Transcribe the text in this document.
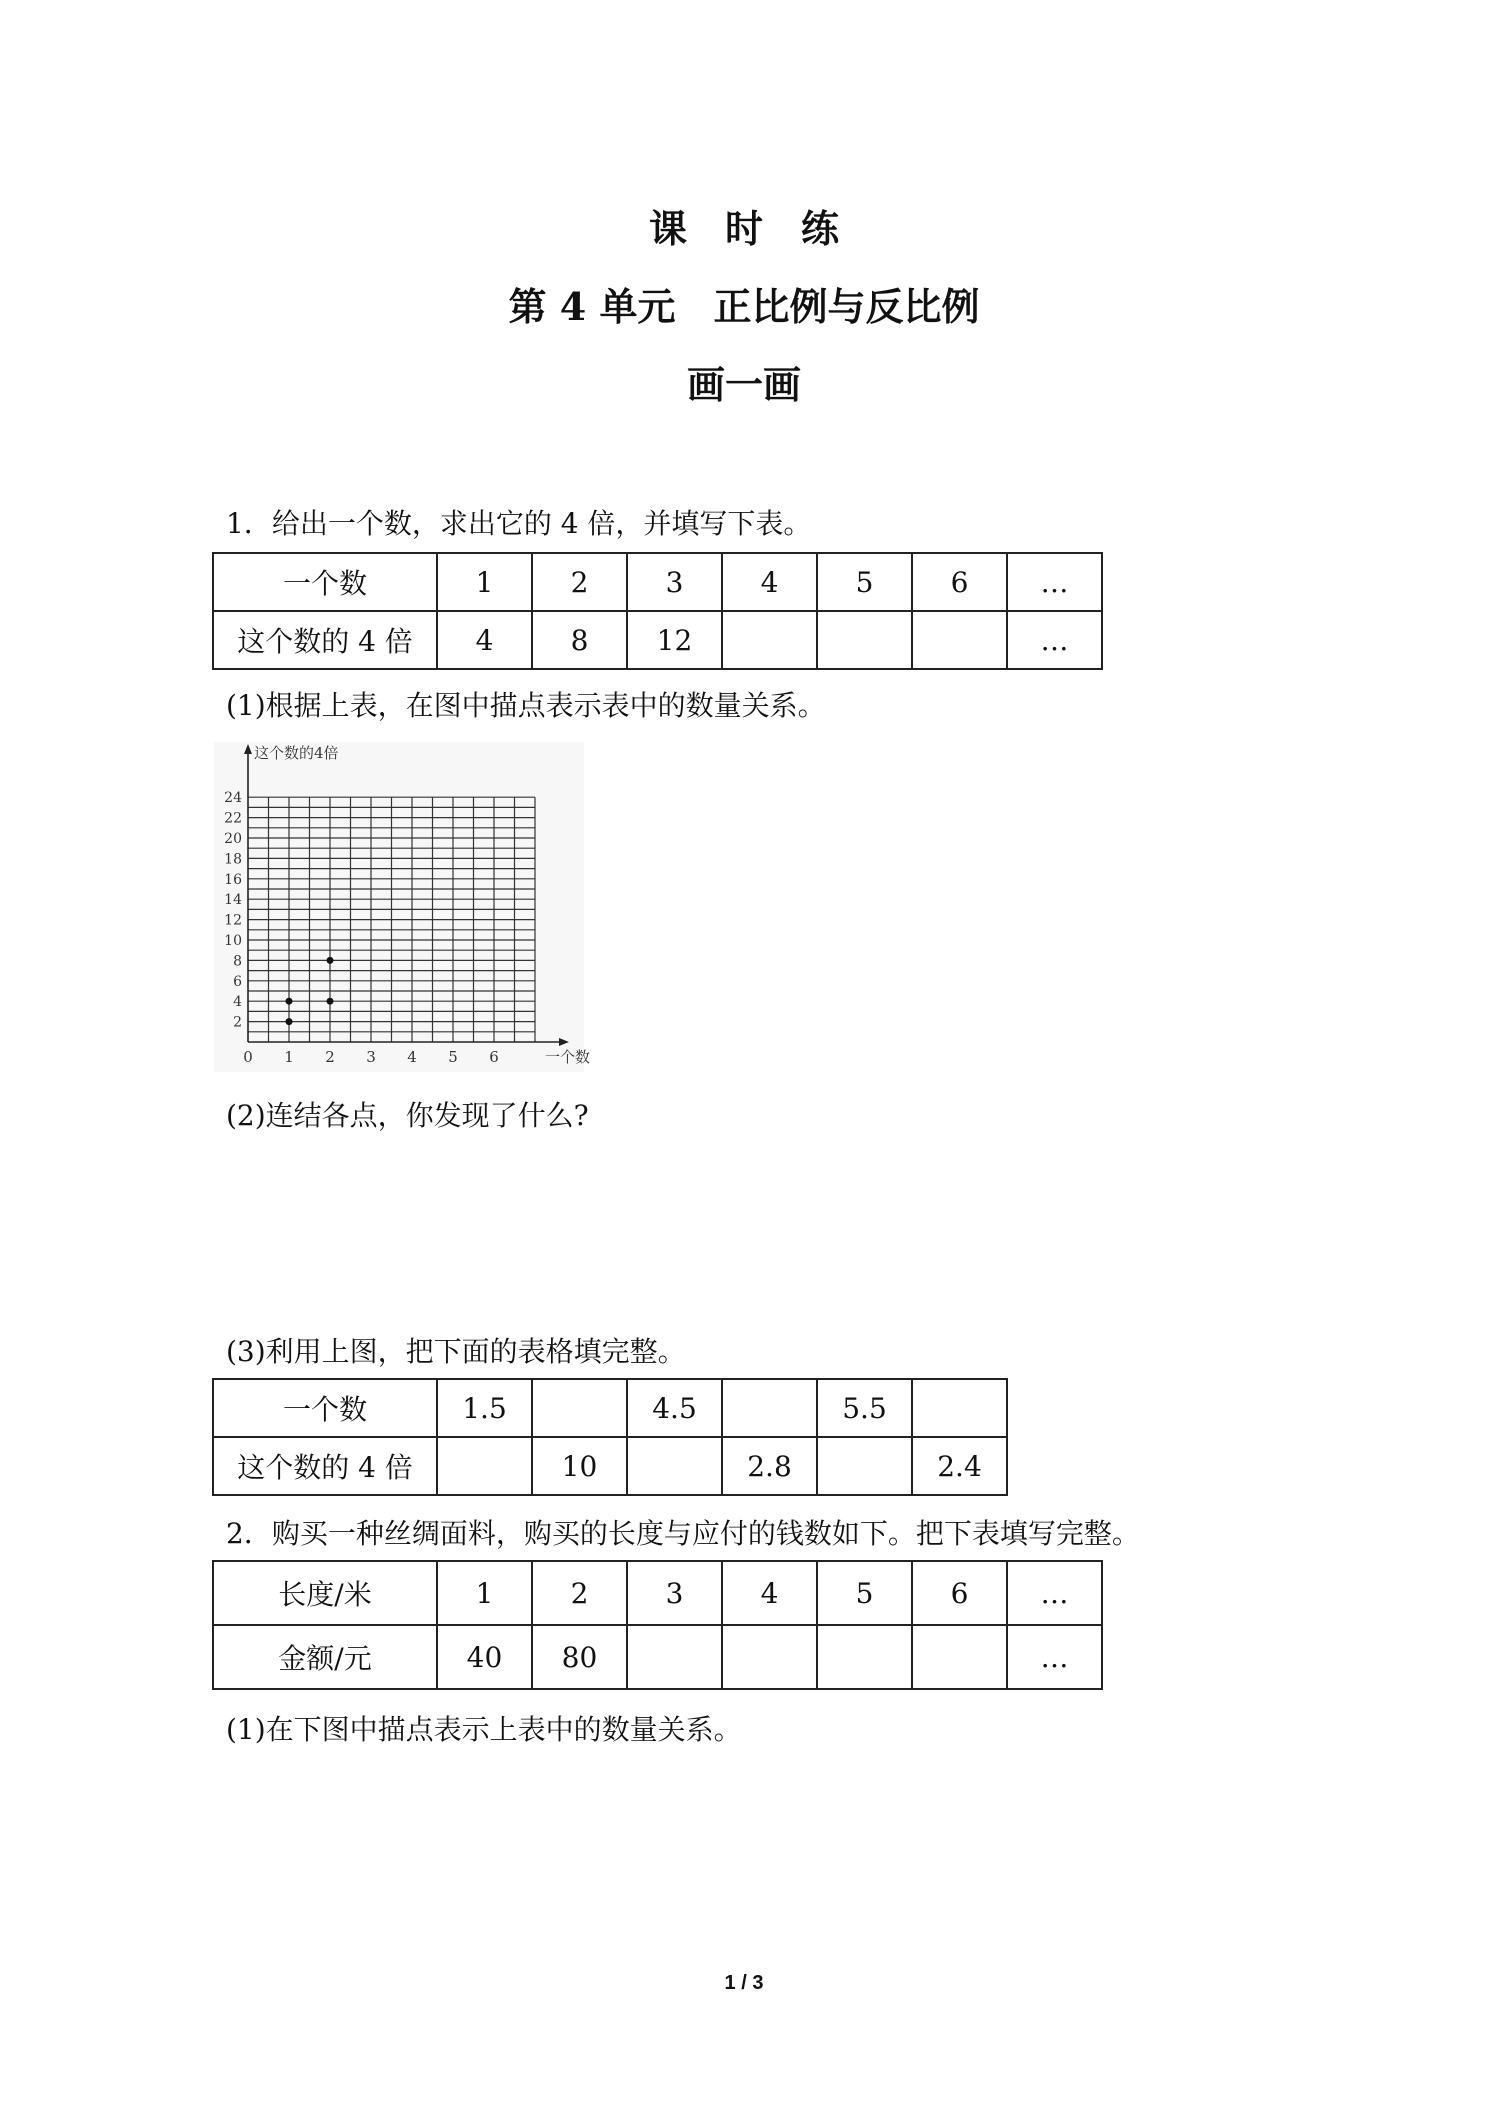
课时练
第 4 单元　正比例与反比例
画一画
1．给出一个数，求出它的 4 倍，并填写下表。
一个数	1	2	3	4	5	6	…
这个数的 4 倍	4	8	12				…
(1)根据上表，在图中描点表示表中的数量关系。
这个数的4倍
一个数
0 1 2 3 4 5 6
2
4
6
8
10
12
14
16
18
20
22
24
(2)连结各点，你发现了什么?
(3)利用上图，把下面的表格填完整。
一个数	1.5		4.5		5.5	
这个数的 4 倍		10		2.8		2.4
2．购买一种丝绸面料，购买的长度与应付的钱数如下。把下表填写完整。
长度/米	1	2	3	4	5	6	…
金额/元	40	80					…
(1)在下图中描点表示上表中的数量关系。
1 / 3
